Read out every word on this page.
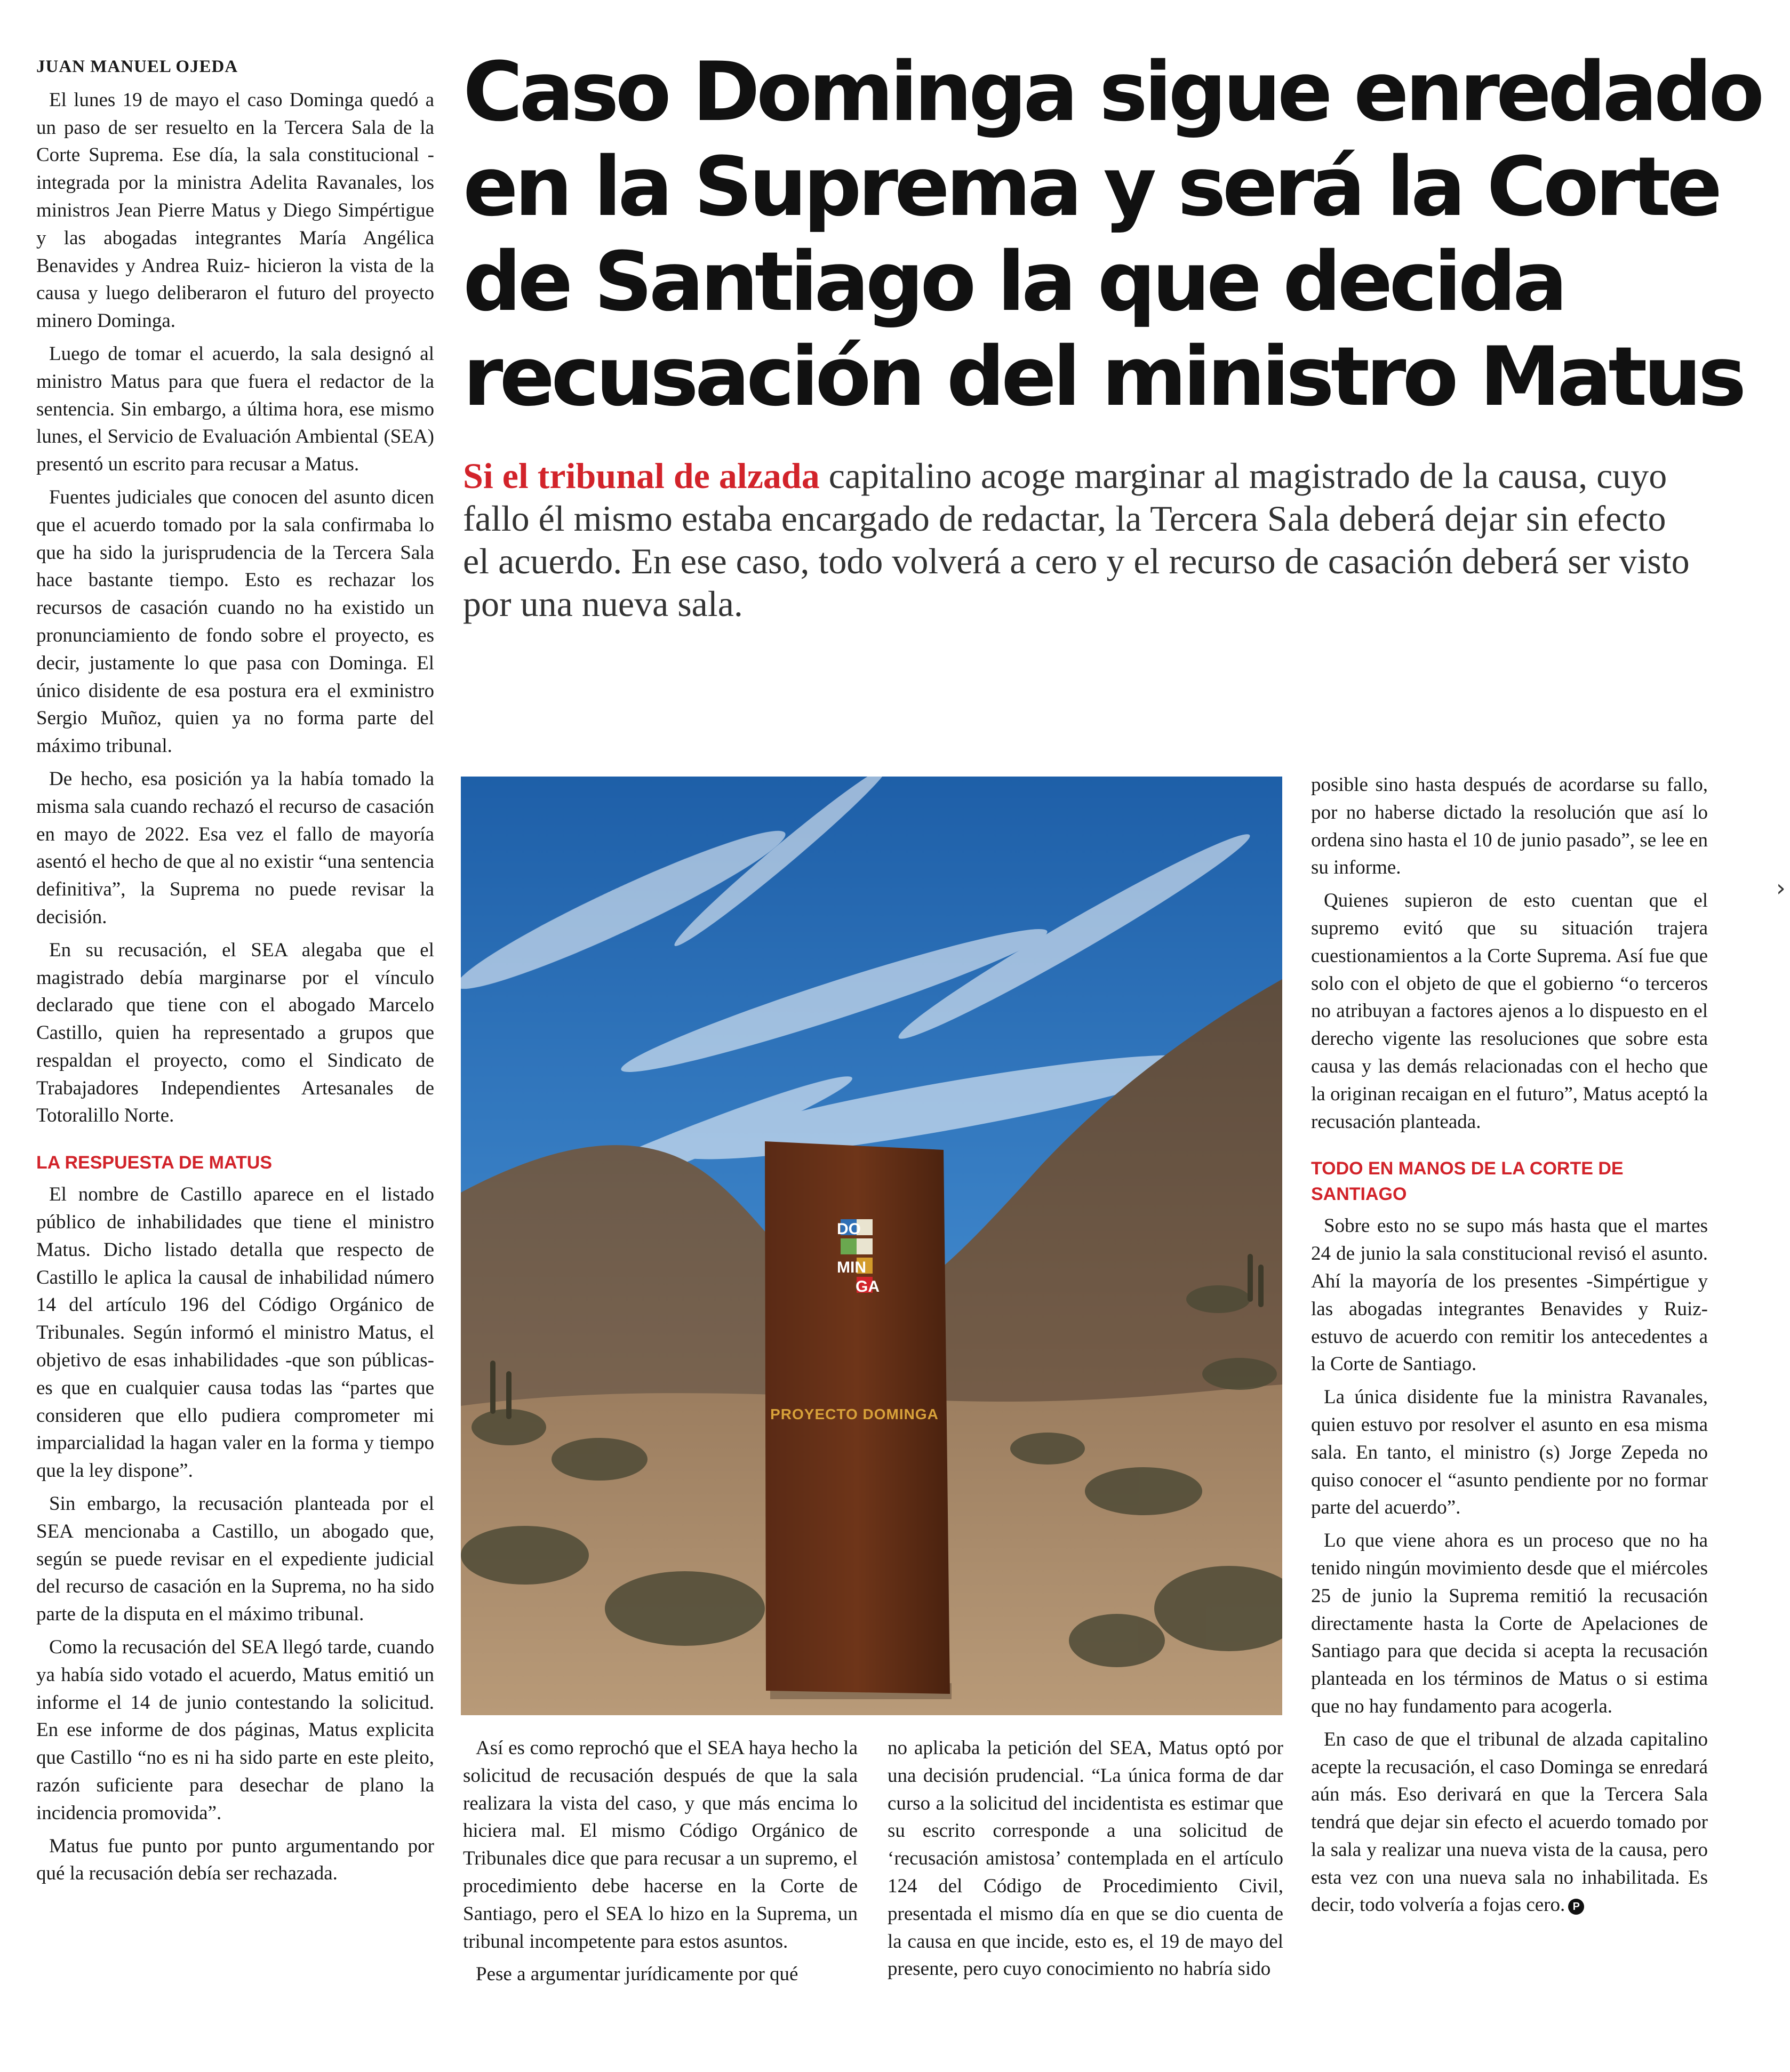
JUAN MANUEL OJEDA

El lunes 19 de mayo el caso Dominga quedó a un paso de ser resuelto en la Tercera Sala de la Corte Suprema. Ese día, la sala constitucional -integrada por la ministra Adelita Ravanales, los ministros Jean Pierre Matus y Diego Simpértigue y las abogadas integrantes María Angélica Benavides y Andrea Ruiz- hicieron la vista de la causa y luego deliberaron el futuro del proyecto minero Dominga.

Luego de tomar el acuerdo, la sala designó al ministro Matus para que fuera el redactor de la sentencia. Sin embargo, a última hora, ese mismo lunes, el Servicio de Evaluación Ambiental (SEA) presentó un escrito para recusar a Matus.

Fuentes judiciales que conocen del asunto dicen que el acuerdo tomado por la sala confirmaba lo que ha sido la jurisprudencia de la Tercera Sala hace bastante tiempo. Esto es rechazar los recursos de casación cuando no ha existido un pronunciamiento de fondo sobre el proyecto, es decir, justamente lo que pasa con Dominga. El único disidente de esa postura era el exministro Sergio Muñoz, quien ya no forma parte del máximo tribunal.

De hecho, esa posición ya la había tomado la misma sala cuando rechazó el recurso de casación en mayo de 2022. Esa vez el fallo de mayoría asentó el hecho de que al no existir “una sentencia definitiva”, la Suprema no puede revisar la decisión.

En su recusación, el SEA alegaba que el magistrado debía marginarse por el vínculo declarado que tiene con el abogado Marcelo Castillo, quien ha representado a grupos que respaldan el proyecto, como el Sindicato de Trabajadores Independientes Artesanales de Totoralillo Norte.

LA RESPUESTA DE MATUS

El nombre de Castillo aparece en el listado público de inhabilidades que tiene el ministro Matus. Dicho listado detalla que respecto de Castillo le aplica la causal de inhabilidad número 14 del artículo 196 del Código Orgánico de Tribunales. Según informó el ministro Matus, el objetivo de esas inhabilidades -que son públicas- es que en cualquier causa todas las “partes que consideren que ello pudiera comprometer mi imparcialidad la hagan valer en la forma y tiempo que la ley dispone”.

Sin embargo, la recusación planteada por el SEA mencionaba a Castillo, un abogado que, según se puede revisar en el expediente judicial del recurso de casación en la Suprema, no ha sido parte de la disputa en el máximo tribunal.

Como la recusación del SEA llegó tarde, cuando ya había sido votado el acuerdo, Matus emitió un informe el 14 de junio contestando la solicitud. En ese informe de dos páginas, Matus explicita que Castillo “no es ni ha sido parte en este pleito, razón suficiente para desechar de plano la incidencia promovida”.

Matus fue punto por punto argumentando por qué la recusación debía ser rechazada.

Caso Dominga sigue enredado en la Suprema y será la Corte de Santiago la que decida recusación del ministro Matus

Si el tribunal de alzada capitalino acoge marginar al magistrado de la causa, cuyo fallo él mismo estaba encargado de redactar, la Tercera Sala deberá dejar sin efecto el acuerdo. En ese caso, todo volverá a cero y el recurso de casación deberá ser visto por una nueva sala.

DO
MIN
GA
PROYECTO DOMINGA

Así es como reprochó que el SEA haya hecho la solicitud de recusación después de que la sala realizara la vista del caso, y que más encima lo hiciera mal. El mismo Código Orgánico de Tribunales dice que para recusar a un supremo, el procedimiento debe hacerse en la Corte de Santiago, pero el SEA lo hizo en la Suprema, un tribunal incompetente para estos asuntos.

Pese a argumentar jurídicamente por qué

no aplicaba la petición del SEA, Matus optó por una decisión prudencial. “La única forma de dar curso a la solicitud del incidentista es estimar que su escrito corresponde a una solicitud de ‘recusación amistosa’ contemplada en el artículo 124 del Código de Procedimiento Civil, presentada el mismo día en que se dio cuenta de la causa en que incide, esto es, el 19 de mayo del presente, pero cuyo conocimiento no habría sido

posible sino hasta después de acordarse su fallo, por no haberse dictado la resolución que así lo ordena sino hasta el 10 de junio pasado”, se lee en su informe.

Quienes supieron de esto cuentan que el supremo evitó que su situación trajera cuestionamientos a la Corte Suprema. Así fue que solo con el objeto de que el gobierno “o terceros no atribuyan a factores ajenos a lo dispuesto en el derecho vigente las resoluciones que sobre esta causa y las demás relacionadas con el hecho que la originan recaigan en el futuro”, Matus aceptó la recusación planteada.

TODO EN MANOS DE LA CORTE DE SANTIAGO

Sobre esto no se supo más hasta que el martes 24 de junio la sala constitucional revisó el asunto. Ahí la mayoría de los presentes -Simpértigue y las abogadas integrantes Benavides y Ruiz- estuvo de acuerdo con remitir los antecedentes a la Corte de Santiago.

La única disidente fue la ministra Ravanales, quien estuvo por resolver el asunto en esa misma sala. En tanto, el ministro (s) Jorge Zepeda no quiso conocer el “asunto pendiente por no formar parte del acuerdo”.

Lo que viene ahora es un proceso que no ha tenido ningún movimiento desde que el miércoles 25 de junio la Suprema remitió la recusación directamente hasta la Corte de Apelaciones de Santiago para que decida si acepta la recusación planteada en los términos de Matus o si estima que no hay fundamento para acogerla.

En caso de que el tribunal de alzada capitalino acepte la recusación, el caso Dominga se enredará aún más. Eso derivará en que la Tercera Sala tendrá que dejar sin efecto el acuerdo tomado por la sala y realizar una nueva vista de la causa, pero esta vez con una nueva sala no inhabilitada. Es decir, todo volvería a fojas cero. P

›
